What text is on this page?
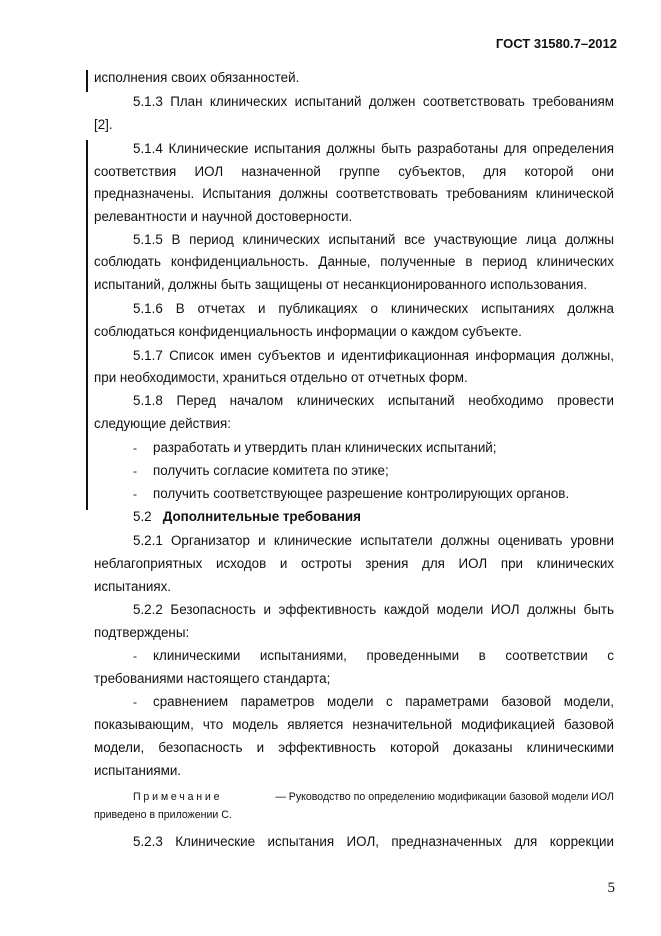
ГОСТ 31580.7–2012
исполнения своих обязанностей.
5.1.3 План клинических испытаний должен соответствовать требованиям
[2].
5.1.4 Клинические испытания должны быть разработаны для определения
соответствия ИОЛ назначенной группе субъектов, для которой они
предназначены. Испытания должны соответствовать требованиям клинической
релевантности и научной достоверности.
5.1.5 В период клинических испытаний все участвующие лица должны
соблюдать конфиденциальность. Данные, полученные в период клинических
испытаний, должны быть защищены от несанкционированного использования.
5.1.6 В отчетах и публикациях о клинических испытаниях должна
соблюдаться конфиденциальность информации о каждом субъекте.
5.1.7 Список имен субъектов и идентификационная информация должны,
при необходимости, храниться отдельно от отчетных форм.
5.1.8 Перед началом клинических испытаний необходимо провести
следующие действия:
- разработать и утвердить план клинических испытаний;
- получить согласие комитета по этике;
- получить соответствующее разрешение контролирующих органов.
5.2 Дополнительные требования
5.2.1 Организатор и клинические испытатели должны оценивать уровни
неблагоприятных исходов и остроты зрения для ИОЛ при клинических
испытаниях.
5.2.2 Безопасность и эффективность каждой модели ИОЛ должны быть
подтверждены:
- клиническими испытаниями, проведенными в соответствии с
требованиями настоящего стандарта;
- сравнением параметров модели с параметрами базовой модели,
показывающим, что модель является незначительной модификацией базовой
модели, безопасность и эффективность которой доказаны клиническими
испытаниями.
Примечание	— Руководство по определению модификации базовой модели ИОЛ
приведено в приложении С.
5.2.3 Клинические испытания ИОЛ, предназначенных для коррекции
5
